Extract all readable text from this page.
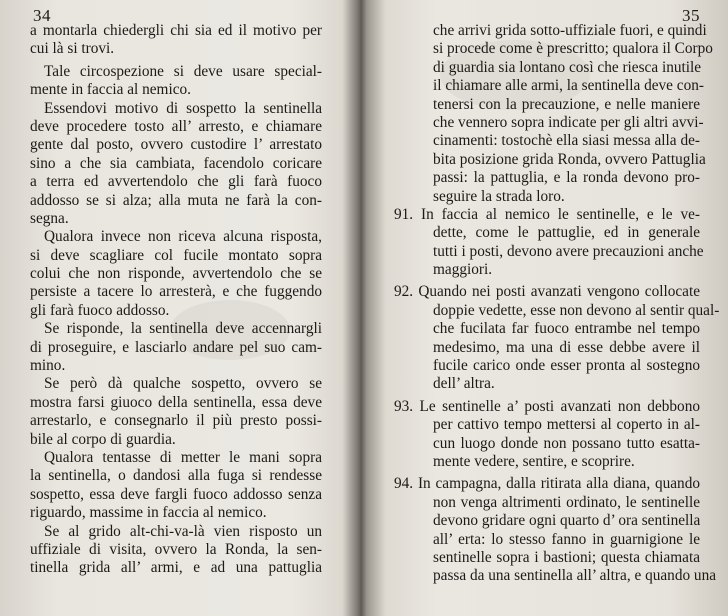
34
a montarla chiedergli chi sia ed il motivo per
cui là si trovi.
Tale circospezione si deve usare special-
mente in faccia al nemico.
Essendovi motivo di sospetto la sentinella
deve procedere tosto all’ arresto, e chiamare
gente dal posto, ovvero custodire l’ arrestato
sino a che sia cambiata, facendolo coricare
a terra ed avvertendolo che gli farà fuoco
addosso se si alza; alla muta ne farà la con-
segna.
Qualora invece non riceva alcuna risposta,
si deve scagliare col fucile montato sopra
colui che non risponde, avvertendolo che se
persiste a tacere lo arresterà, e che fuggendo
gli farà fuoco addosso.
Se risponde, la sentinella deve accennargli
di proseguire, e lasciarlo andare pel suo cam-
mino.
Se però dà qualche sospetto, ovvero se
mostra farsi giuoco della sentinella, essa deve
arrestarlo, e consegnarlo il più presto possi-
bile al corpo di guardia.
Qualora tentasse di metter le mani sopra
la sentinella, o dandosi alla fuga si rendesse
sospetto, essa deve fargli fuoco addosso senza
riguardo, massime in faccia al nemico.
Se al grido alt-chi-va-là vien risposto un
uffiziale di visita, ovvero la Ronda, la sen-
tinella grida all’ armi, e ad una pattuglia
35
che arrivi grida sotto-uffiziale fuori, e quindi
si procede come è prescritto; qualora il Corpo
di guardia sia lontano così che riesca inutile
il chiamare alle armi, la sentinella deve con-
tenersi con la precauzione, e nelle maniere
che vennero sopra indicate per gli altri avvi-
cinamenti: tostochè ella siasi messa alla de-
bita posizione grida Ronda, ovvero Pattuglia
passi: la pattuglia, e la ronda devono pro-
seguire la strada loro.
91. In faccia al nemico le sentinelle, e le ve-
dette, come le pattuglie, ed in generale
tutti i posti, devono avere precauzioni anche
maggiori.
92. Quando nei posti avanzati vengono collocate
doppie vedette, esse non devono al sentir qual-
che fucilata far fuoco entrambe nel tempo
medesimo, ma una di esse debbe avere il
fucile carico onde esser pronta al sostegno
dell’ altra.
93. Le sentinelle a’ posti avanzati non debbono
per cattivo tempo mettersi al coperto in al-
cun luogo donde non possano tutto esatta-
mente vedere, sentire, e scoprire.
94. In campagna, dalla ritirata alla diana, quando
non venga altrimenti ordinato, le sentinelle
devono gridare ogni quarto d’ ora sentinella
all’ erta: lo stesso fanno in guarnigione le
sentinelle sopra i bastioni; questa chiamata
passa da una sentinella all’ altra, e quando una
